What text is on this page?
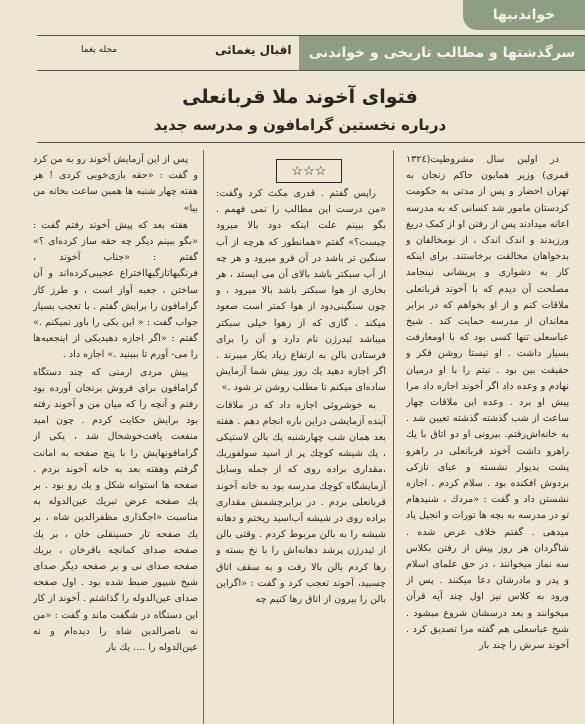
خواندنیها
سرگذشتها و مطالب تاریخی و خواندنی
اقبال یغمائی
مجله یغما
فتوای آخوند ملا قربانعلی
درباره نخستین گرامافون و مدرسه جدید
☆☆☆

در اولین سال مشروطیت(١٣٢٤ قمری) وزیر همایون حاکم زنجان به تهران احضار و پس از مدتی به حکومت کردستان مامور شد کسانی که به مدرسه اعانه میدادند پس از رفتن او از کمک دریغ ورزیدند و اندک اندک ، از نومخالفان و بدخواهان مخالفت برخاستند. برای اینکه کار به دشواری و پریشانی نینجامد مصلحت آن دیدم که با آخوند قربانعلی ملاقات کنم و از او بخواهم که در برابر معاندان از مدرسه حمایت کند . شیخ عباسعلی تنها کسی بود که با اومعارفت بسیار داشت . او نیستا روشن فکر و حقیقت بین بود . نیتم را با او درمیان نهادم و وعده داد اگر آخوند اجازه داد مرا پیش او برد . وعده این ملاقات چهار ساعت از شب گذشته گذشته تعیین شد . به خانه‌اش‌رفتم. بیرونی او دو اتاق با یك راهرو داشت آخوند قربانعلی در راهرو پشت بدیوار نشسته و عبای نازکی بردوش افکنده بود . سلام کردم . اجازه نشستن داد و گفت : «مردك ، شنیدهام تو در مدرسه به بچه ها تورات و انجیل یاد میدهی . گفتم خلاف عرض شده . شاگردان هر روز پیش از رفتن بکلاس سه نماز میخوانند ، در حق علمای اسلام و پدر و مادرشان دعا میکنند . پس از ورود به کلاس نیز اول چند آیه قرآن میخوانند و بعد درسشان شروع میشود . شیخ عباسعلی هم گفته مرا تصدیق کرد . آخوند سرش را چند بار

راپس گفتم . قدری مکث کرد وگفت: «من درست این مطالب را نمی فهمم . بگو ببینم علت اینکه دود بالا میرود چیست؟» گفتم «همانطور که هرچه از آب سنگین تر باشد در آن فرو میرود و هر چه از آب سبکتر باشد بالای آن می ایستد ، هر بخاری از هوا سبکتر باشد بالا میرود ، و چون سنگینی‌دود از هوا کمتر است صعود میکند . گازی که از زهوا خیلی سبکتر میباشد ئیدرژن نام دارد و آن را برای فرستادن بالن به ارتفاع زیاد بکار میبرند . اگر اجازه دهید یك روز پیش شما آزمایش ساده‌ای میکنم تا مطلب روشن تر شود .»

به خوشرو‌ئی اجازه داد که در ملاقات آینده آزمایشی در‌این باره انجام دهم . هفته بعد همان شب چهار‌شنبه یك بالن لاستیکی ، یك شیشه کوچك پر از اسید سولفوریك ،مقداری براده روی که از جمله وسایل آزمایشگاه کوچك مدرسه بود به خانه آخوند قربانعلی بردم . در برابر‌چشمش مقداری براده روی در شیشه آب‌اسید ریختم و دهانه شیشه را به بالن مربوط کردم . وقتی بالن از ئیدرژن پرشد دهانه‌اش را با نخ بسته و رها کردم بالن بالا رفت و به سقف اتاق چسبید، آخوند تعجب کرد و گفت : «اگراین بالن را بیرون از اتاق رها کنیم چه

پس از این آزمایش آخوند رو به من کرد و گفت : «حقه بازی‌خوبی کردی ! هر هفته چهار شنبه ها همین ساعت بخانه من بیا»

هفته بعد که پیش آخوند رفتم گفت : «بگو ببینم دیگر چه حقه ساز کرده‌ای ؟» گفتم : «جناب آخوند ، فرنگیهاتازگیهااختراع عجیبی‌کرده‌اند و آن ساختن ، جعبه آواز است ، و طرز کار گرامافون را برایش گفتم . با تعجب بسیار جواب گفت : « این یکی را باور نمیکنم .» گفتم : «اگر اجازه دهیدیکی از اینجعبه‌ها را می- آورم تا ببینید .» اجازه داد .

پیش مردی ارمنی که چند دستگاه گرامافون برای فروش برنجان آورده بود رفتم و آنچه را که میان من و آخوند رفته بود برایش حکایت کردم . چون امید منفعت یافت‌خوشحال شد ، یکی از گرامافونهایش را با پنج صفحه به امانت گرفتم وهفته بعد به خانه آخوند بردم . صفحه ها استوانه شکل و یك رو بود . بر یك صفحه عرض تبریك عین‌الدوله به مناسبت «اجگذاری مظفرالدین شاه ، بر یك صفحه تار حسینقلی خان ، بر یك صفحه صدای کمانچه باقرخان ، بریك صفحه صدای نی و بر صفحه دیگر صدای شیخ شیپور ضبط شده بود . اول صفحه صدای عین‌الدوله را گذاشتم . آخوند از کار این دستگاه در شگفت ماند و گفت : «من نه ناصرالدین شاه را دیده‌ام و نه عین‌الدوله را .... یك بار
